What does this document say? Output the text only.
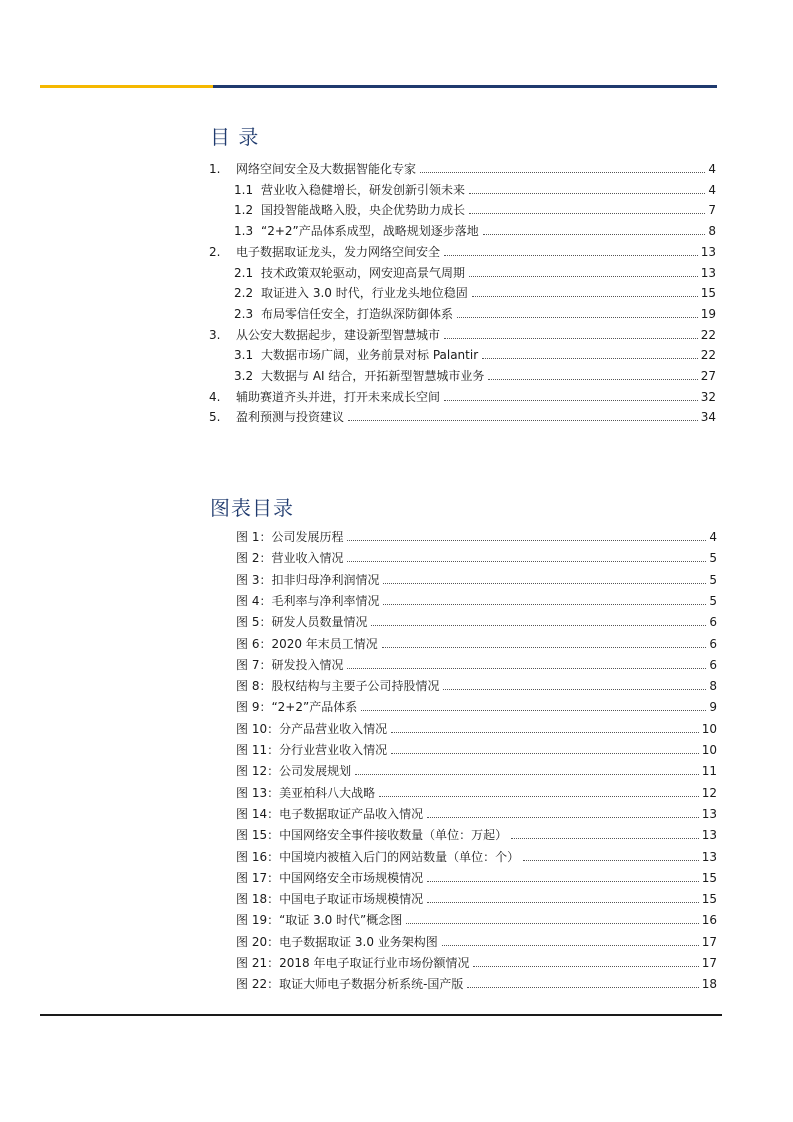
目 录
1.	网络空间安全及大数据智能化专家	4
1.1 营业收入稳健增长，研发创新引领未来	4
1.2 国投智能战略入股，央企优势助力成长	7
1.3 “2+2”产品体系成型，战略规划逐步落地	8
2.	电子数据取证龙头，发力网络空间安全	13
2.1 技术政策双轮驱动，网安迎高景气周期	13
2.2 取证进入 3.0 时代，行业龙头地位稳固	15
2.3 布局零信任安全，打造纵深防御体系	19
3.	从公安大数据起步，建设新型智慧城市	22
3.1 大数据市场广阔，业务前景对标 Palantir	22
3.2 大数据与 AI 结合，开拓新型智慧城市业务	27
4.	辅助赛道齐头并进，打开未来成长空间	32
5.	盈利预测与投资建议	34
图表目录
图 1： 公司发展历程	4
图 2： 营业收入情况	5
图 3： 扣非归母净利润情况	5
图 4： 毛利率与净利率情况	5
图 5： 研发人员数量情况	6
图 6： 2020 年末员工情况	6
图 7： 研发投入情况	6
图 8： 股权结构与主要子公司持股情况	8
图 9： “2+2”产品体系	9
图 10： 分产品营业收入情况	10
图 11： 分行业营业收入情况	10
图 12： 公司发展规划	11
图 13： 美亚柏科八大战略	12
图 14： 电子数据取证产品收入情况	13
图 15： 中国网络安全事件接收数量（单位：万起）	13
图 16： 中国境内被植入后门的网站数量（单位：个）	13
图 17： 中国网络安全市场规模情况	15
图 18： 中国电子取证市场规模情况	15
图 19： “取证 3.0 时代”概念图	16
图 20： 电子数据取证 3.0 业务架构图	17
图 21： 2018 年电子取证行业市场份额情况	17
图 22： 取证大师电子数据分析系统-国产版	18
